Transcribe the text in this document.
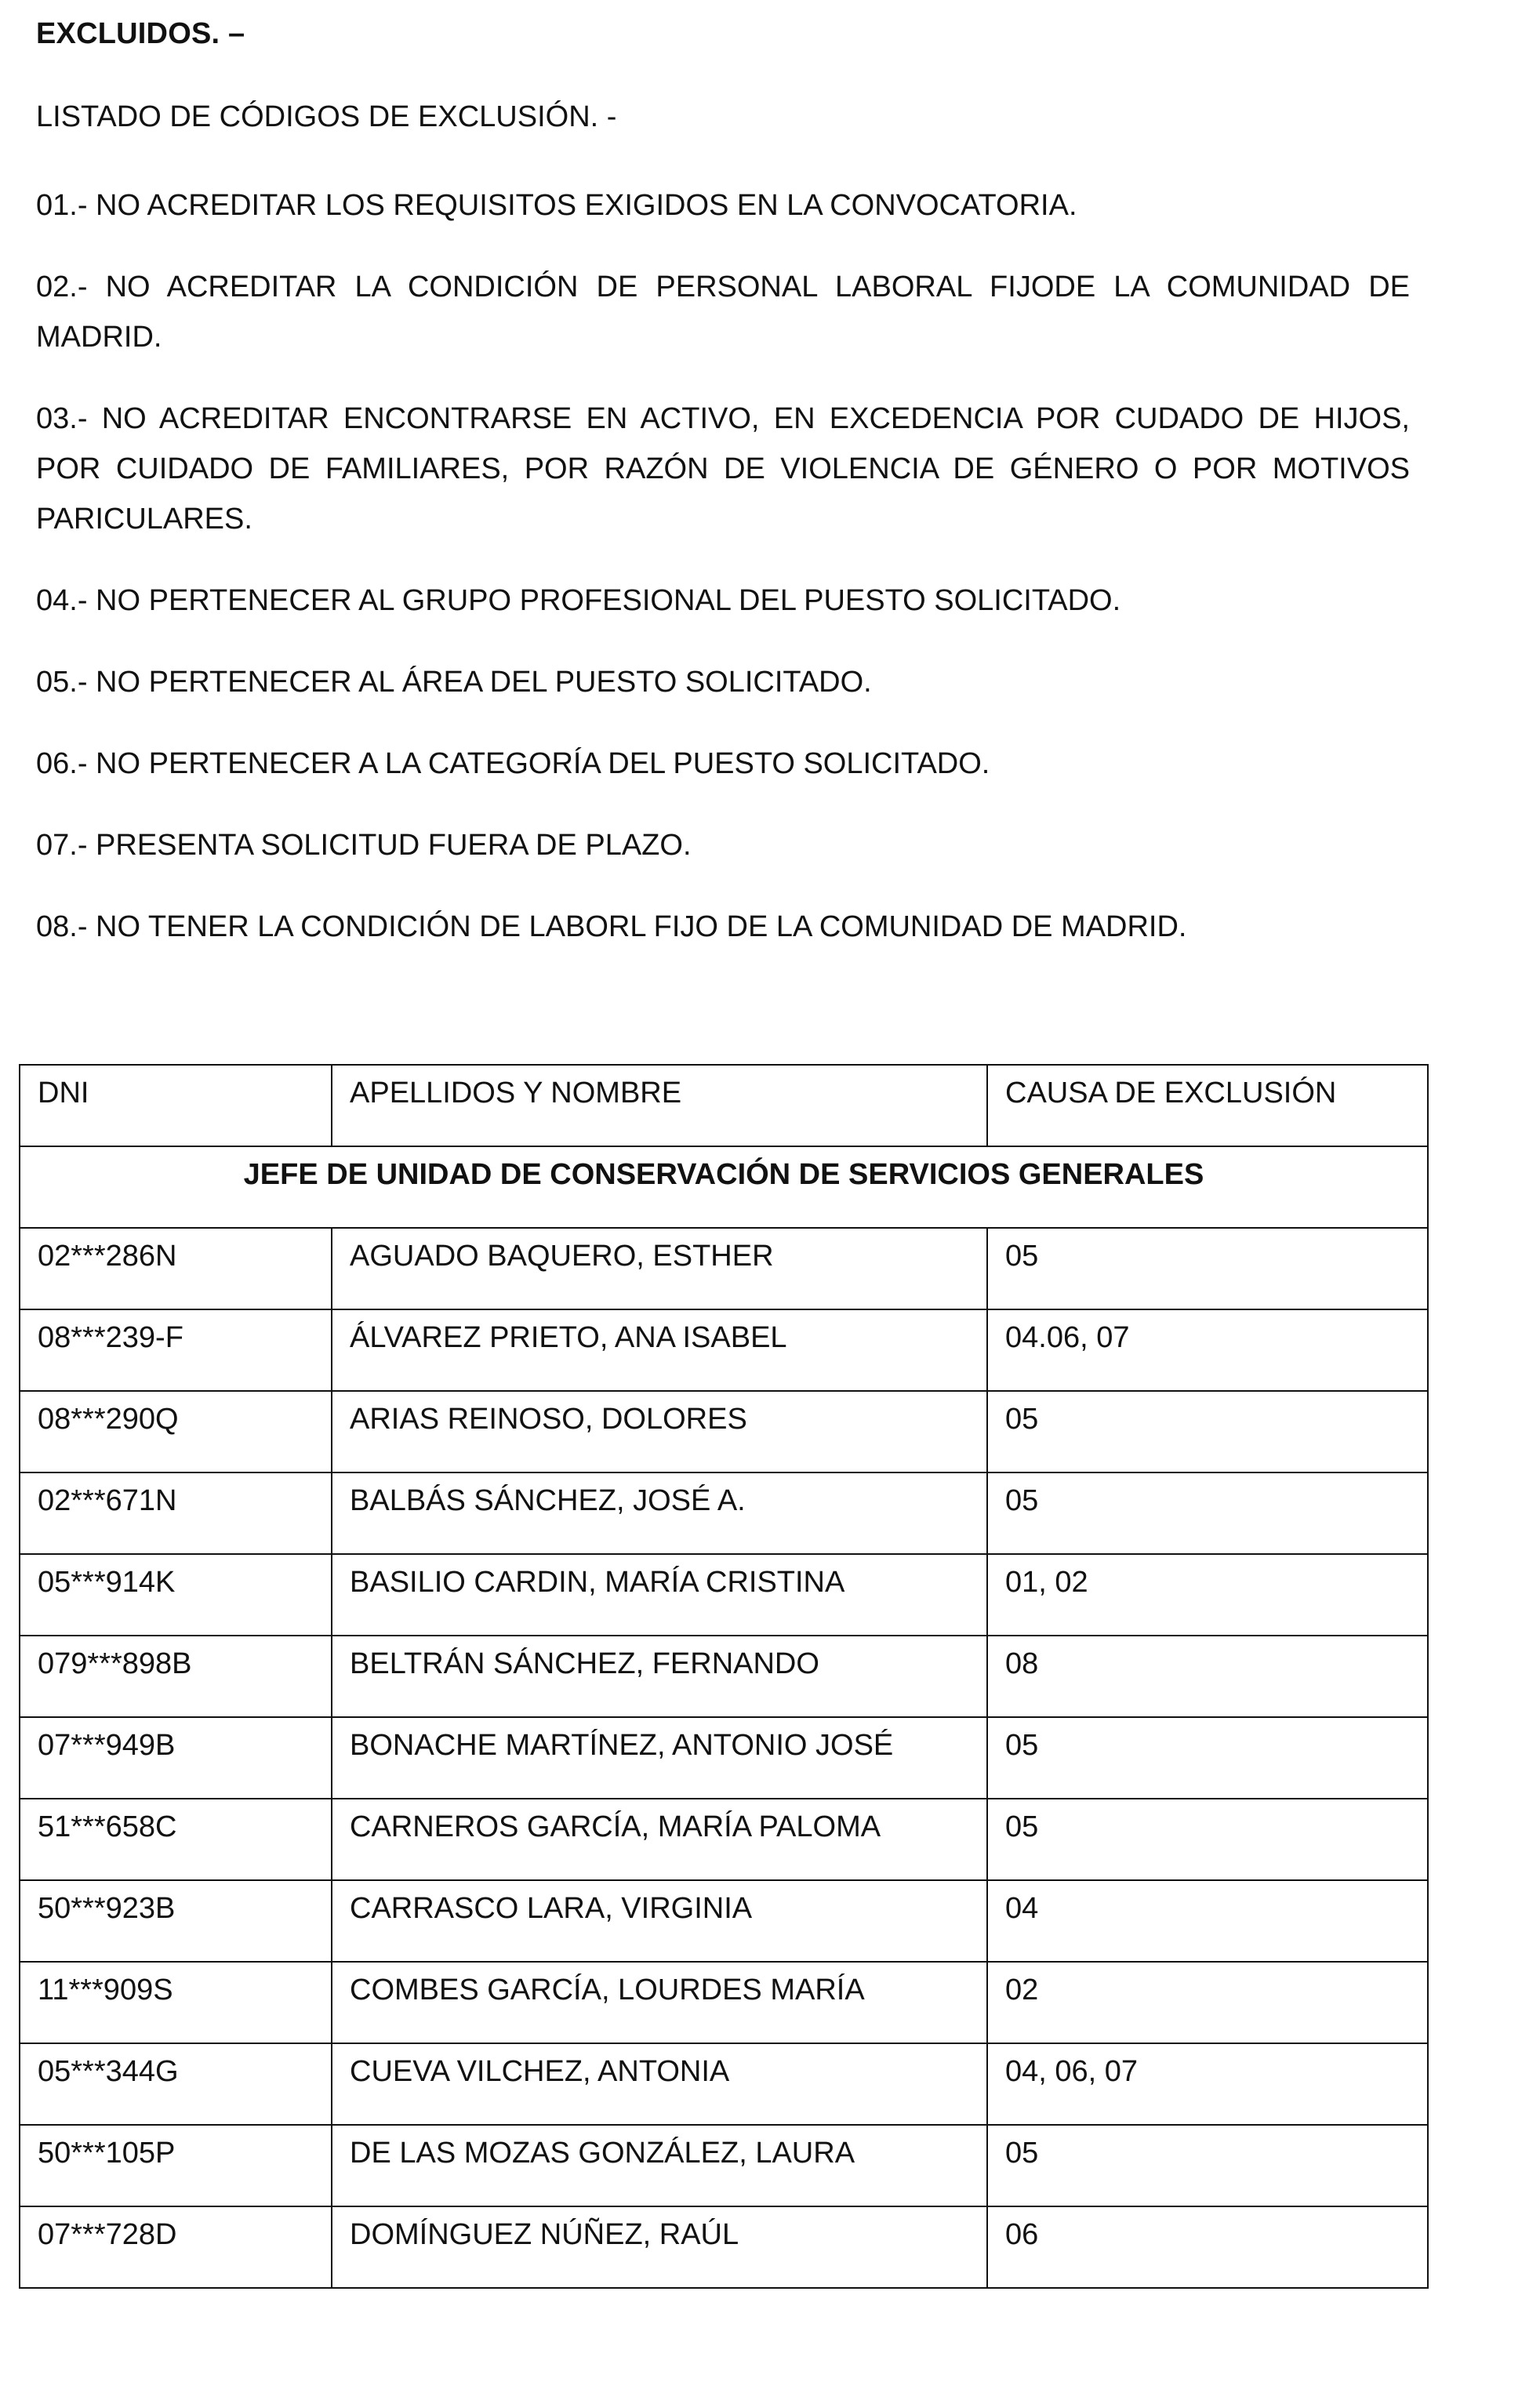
EXCLUIDOS. –
LISTADO DE CÓDIGOS DE EXCLUSIÓN. -

01.- NO ACREDITAR LOS REQUISITOS EXIGIDOS EN LA CONVOCATORIA.

02.- NO ACREDITAR LA CONDICIÓN DE PERSONAL LABORAL FIJODE LA COMUNIDAD DE MADRID.

03.- NO ACREDITAR ENCONTRARSE EN ACTIVO, EN EXCEDENCIA POR CUDADO DE HIJOS, POR CUIDADO DE FAMILIARES, POR RAZÓN DE VIOLENCIA DE GÉNERO O POR MOTIVOS PARICULARES.

04.- NO PERTENECER AL GRUPO PROFESIONAL DEL PUESTO SOLICITADO.

05.- NO PERTENECER AL ÁREA DEL PUESTO SOLICITADO.

06.- NO PERTENECER A LA CATEGORÍA DEL PUESTO SOLICITADO.

07.- PRESENTA SOLICITUD FUERA DE PLAZO.

08.- NO TENER LA CONDICIÓN DE LABORL FIJO DE LA COMUNIDAD DE MADRID.

DNI	APELLIDOS Y NOMBRE	CAUSA DE EXCLUSIÓN
JEFE DE UNIDAD DE CONSERVACIÓN DE SERVICIOS GENERALES		
02***286N	AGUADO BAQUERO, ESTHER	05
08***239-F	ÁLVAREZ PRIETO, ANA ISABEL	04.06, 07
08***290Q	ARIAS REINOSO, DOLORES	05
02***671N	BALBÁS SÁNCHEZ, JOSÉ A.	05
05***914K	BASILIO CARDIN, MARÍA CRISTINA	01, 02
079***898B	BELTRÁN SÁNCHEZ, FERNANDO	08
07***949B	BONACHE MARTÍNEZ, ANTONIO JOSÉ	05
51***658C	CARNEROS GARCÍA, MARÍA PALOMA	05
50***923B	CARRASCO LARA, VIRGINIA	04
11***909S	COMBES GARCÍA, LOURDES MARÍA	02
05***344G	CUEVA VILCHEZ, ANTONIA	04, 06, 07
50***105P	DE LAS MOZAS GONZÁLEZ, LAURA	05
07***728D	DOMÍNGUEZ NÚÑEZ, RAÚL	06
